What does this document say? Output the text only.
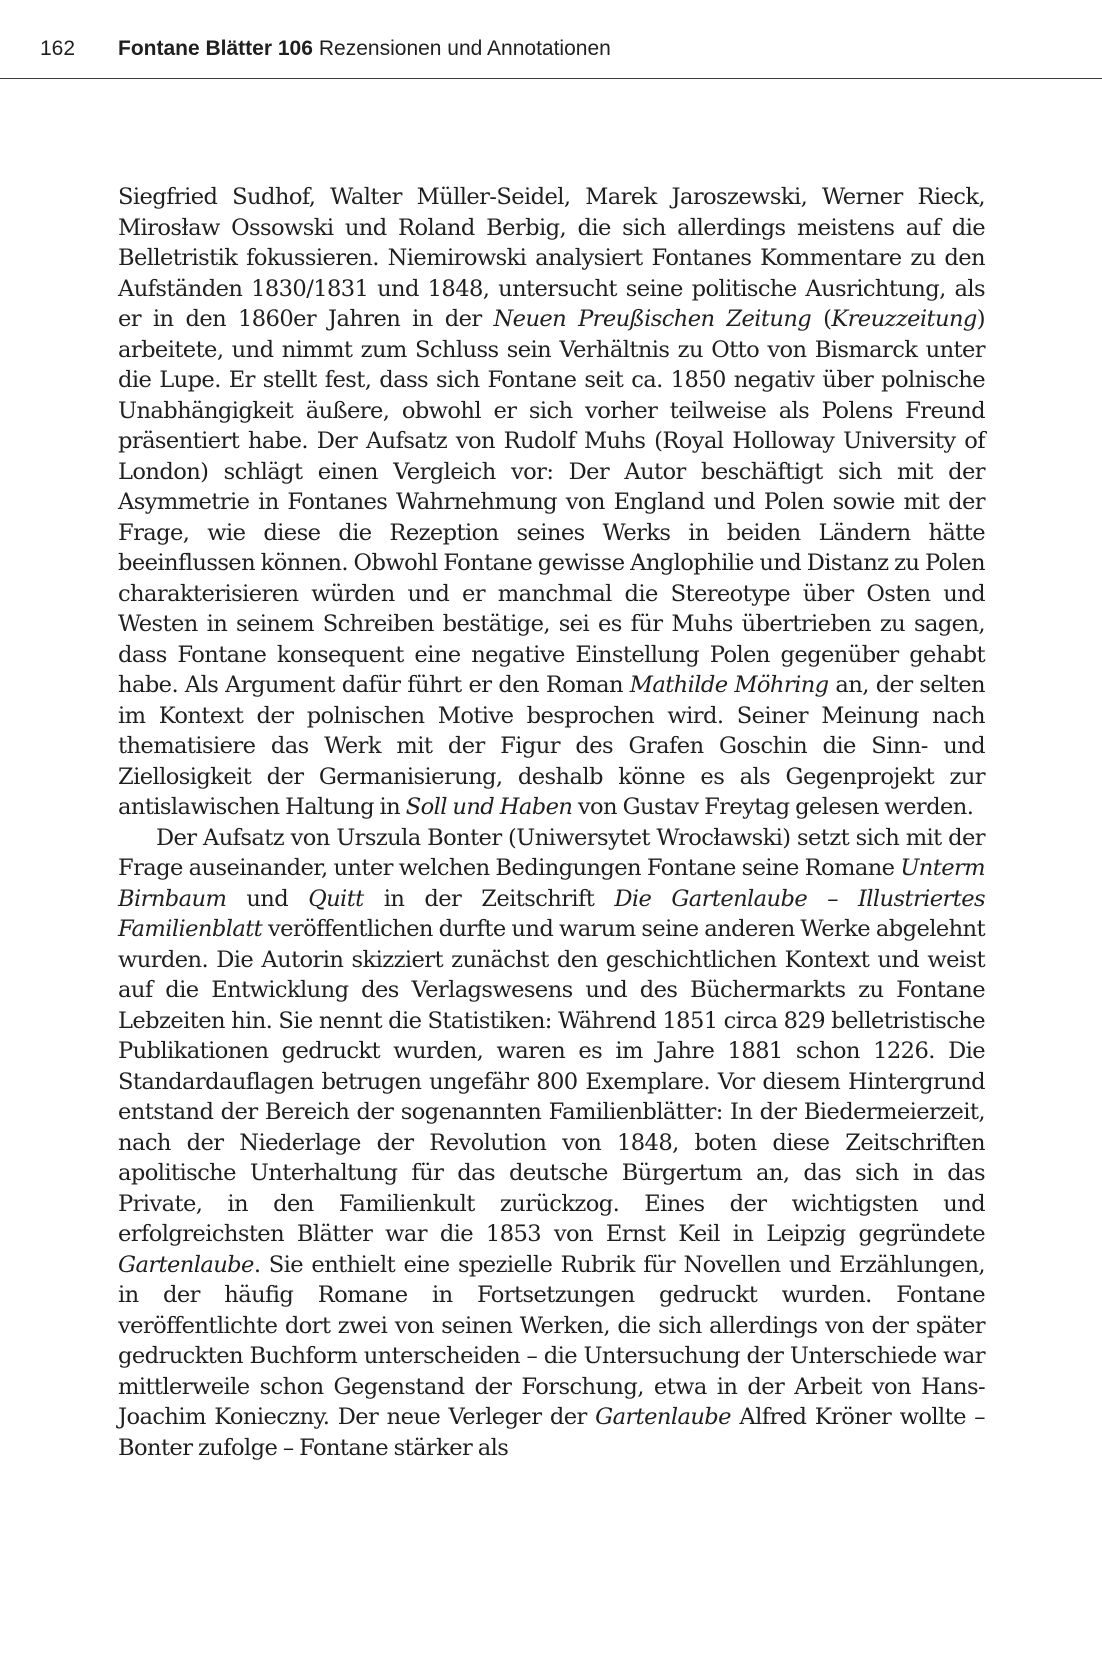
162 Fontane Blätter 106 Rezensionen und Annotationen

Siegfried Sudhof, Walter Müller-Seidel, Marek Jaroszewski, Werner Rieck, Mirosław Ossowski und Roland Berbig, die sich allerdings meistens auf die Belletristik fokussieren. Niemirowski analysiert Fontanes Kommentare zu den Aufständen 1830/1831 und 1848, untersucht seine politische Ausrichtung, als er in den 1860er Jahren in der Neuen Preußischen Zeitung (Kreuzzeitung) arbeitete, und nimmt zum Schluss sein Verhältnis zu Otto von Bismarck unter die Lupe. Er stellt fest, dass sich Fontane seit ca. 1850 negativ über polnische Unabhängigkeit äußere, obwohl er sich vorher teilweise als Polens Freund präsentiert habe. Der Aufsatz von Rudolf Muhs (Royal Holloway University of London) schlägt einen Vergleich vor: Der Autor beschäftigt sich mit der Asymmetrie in Fontanes Wahrnehmung von England und Polen sowie mit der Frage, wie diese die Rezeption seines Werks in beiden Ländern hätte beeinflussen können. Obwohl Fontane gewisse Anglophilie und Distanz zu Polen charakterisieren würden und er manchmal die Stereotype über Osten und Westen in seinem Schreiben bestätige, sei es für Muhs übertrieben zu sagen, dass Fontane konsequent eine negative Einstellung Polen gegenüber gehabt habe. Als Argument dafür führt er den Roman Mathilde Möhring an, der selten im Kontext der polnischen Motive besprochen wird. Seiner Meinung nach thematisiere das Werk mit der Figur des Grafen Goschin die Sinn- und Ziellosigkeit der Germanisierung, deshalb könne es als Gegenprojekt zur antislawischen Haltung in Soll und Haben von Gustav Freytag gelesen werden.

Der Aufsatz von Urszula Bonter (Uniwersytet Wrocławski) setzt sich mit der Frage auseinander, unter welchen Bedingungen Fontane seine Romane Unterm Birnbaum und Quitt in der Zeitschrift Die Gartenlaube – Illustriertes Familienblatt veröffentlichen durfte und warum seine anderen Werke abgelehnt wurden. Die Autorin skizziert zunächst den geschichtlichen Kontext und weist auf die Entwicklung des Verlagswesens und des Büchermarkts zu Fontane Lebzeiten hin. Sie nennt die Statistiken: Während 1851 circa 829 belletristische Publikationen gedruckt wurden, waren es im Jahre 1881 schon 1226. Die Standardauflagen betrugen ungefähr 800 Exemplare. Vor diesem Hintergrund entstand der Bereich der sogenannten Familienblätter: In der Biedermeierzeit, nach der Niederlage der Revolution von 1848, boten diese Zeitschriften apolitische Unterhaltung für das deutsche Bürgertum an, das sich in das Private, in den Familienkult zurückzog. Eines der wichtigsten und erfolgreichsten Blätter war die 1853 von Ernst Keil in Leipzig gegründete Gartenlaube. Sie enthielt eine spezielle Rubrik für Novellen und Erzählungen, in der häufig Romane in Fortsetzungen gedruckt wurden. Fontane veröffentlichte dort zwei von seinen Werken, die sich allerdings von der später gedruckten Buchform unterscheiden – die Untersuchung der Unterschiede war mittlerweile schon Gegenstand der Forschung, etwa in der Arbeit von Hans-Joachim Konieczny. Der neue Verleger der Gartenlaube Alfred Kröner wollte – Bonter zufolge – Fontane stärker als
